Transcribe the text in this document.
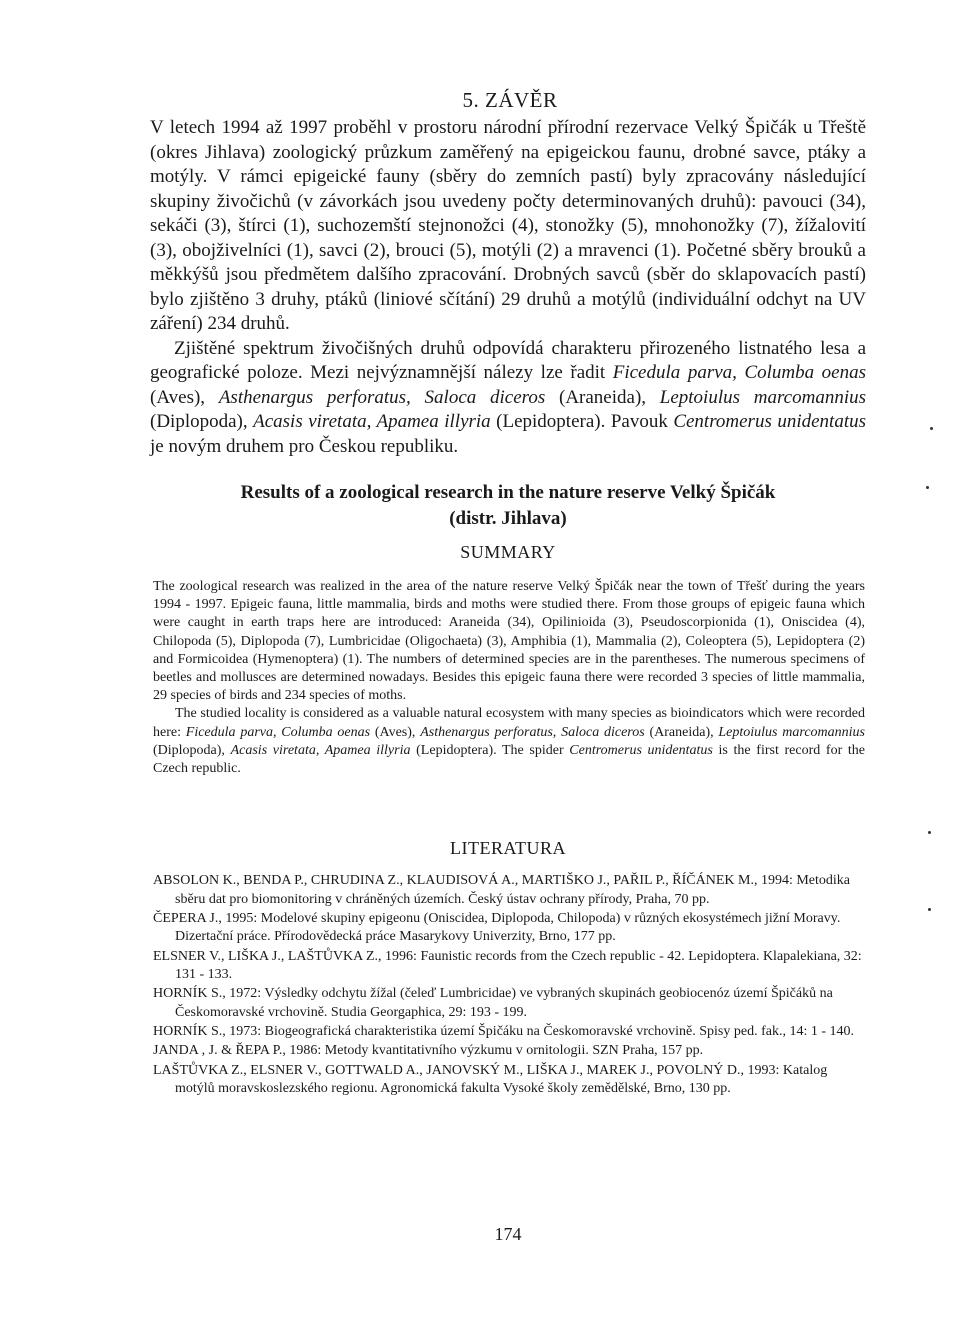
5. ZÁVĚR

V letech 1994 až 1997 proběhl v prostoru národní přírodní rezervace Velký Špičák u Třeště (okres Jihlava) zoologický průzkum zaměřený na epigeickou faunu, drobné savce, ptáky a motýly. V rámci epigeické fauny (sběry do zemních pastí) byly zpracovány následující skupiny živočichů (v závorkách jsou uvedeny počty determinovaných druhů): pavouci (34), sekáči (3), štírci (1), suchozemští stejnonožci (4), stonožky (5), mnohonožky (7), žížalovití (3), obojživelníci (1), savci (2), brouci (5), motýli (2) a mravenci (1). Početné sběry brouků a měkkýšů jsou předmětem dalšího zpracování. Drobných savců (sběr do sklapovacích pastí) bylo zjištěno 3 druhy, ptáků (liniové sčítání) 29 druhů a motýlů (individuální odchyt na UV záření) 234 druhů.

Zjištěné spektrum živočišných druhů odpovídá charakteru přirozeného listnatého lesa a geografické poloze. Mezi nejvýznamnější nálezy lze řadit Ficedula parva, Columba oenas (Aves), Asthenargus perforatus, Saloca diceros (Araneida), Leptoiulus marcomannius (Diplopoda), Acasis viretata, Apamea illyria (Lepidoptera). Pavouk Centromerus unidentatus je novým druhem pro Českou republiku.

Results of a zoological research in the nature reserve Velký Špičák
(distr. Jihlava)
SUMMARY

The zoological research was realized in the area of the nature reserve Velký Špičák near the town of Třešť during the years 1994 - 1997. Epigeic fauna, little mammalia, birds and moths were studied there. From those groups of epigeic fauna which were caught in earth traps here are introduced: Araneida (34), Opilinioida (3), Pseudoscorpionida (1), Oniscidea (4), Chilopoda (5), Diplopoda (7), Lumbricidae (Oligochaeta) (3), Amphibia (1), Mammalia (2), Coleoptera (5), Lepidoptera (2) and Formicoidea (Hymenoptera) (1). The numbers of determined species are in the parentheses. The numerous specimens of beetles and mollusces are determined nowadays. Besides this epigeic fauna there were recorded 3 species of little mammalia, 29 species of birds and 234 species of moths.

The studied locality is considered as a valuable natural ecosystem with many species as bioindicators which were recorded here: Ficedula parva, Columba oenas (Aves), Asthenargus perforatus, Saloca diceros (Araneida), Leptoiulus marcomannius (Diplopoda), Acasis viretata, Apamea illyria (Lepidoptera). The spider Centromerus unidentatus is the first record for the Czech republic.

LITERATURA

ABSOLON K., BENDA P., CHRUDINA Z., KLAUDISOVÁ A., MARTIŠKO J., PAŘIL P., ŘÍČÁNEK M., 1994: Metodika sběru dat pro biomonitoring v chráněných územích. Český ústav ochrany přírody, Praha, 70 pp.

ČEPERA J., 1995: Modelové skupiny epigeonu (Oniscidea, Diplopoda, Chilopoda) v různých ekosystémech jižní Moravy. Dizertační práce. Přírodovědecká práce Masarykovy Univerzity, Brno, 177 pp.

ELSNER V., LIŠKA J., LAŠTŮVKA Z., 1996: Faunistic records from the Czech republic - 42. Lepidoptera. Klapalekiana, 32: 131 - 133.

HORNÍK S., 1972: Výsledky odchytu žížal (čeleď Lumbricidae) ve vybraných skupinách geobiocenóz území Špičáků na Českomoravské vrchovině. Studia Georgaphica, 29: 193 - 199.

HORNÍK S., 1973: Biogeografická charakteristika území Špičáku na Českomoravské vrchovině. Spisy ped. fak., 14: 1 - 140.

JANDA , J. & ŘEPA P., 1986: Metody kvantitativního výzkumu v ornitologii. SZN Praha, 157 pp.

LAŠTŮVKA Z., ELSNER V., GOTTWALD A., JANOVSKÝ M., LIŠKA J., MAREK J., POVOLNÝ D., 1993: Katalog motýlů moravskoslezského regionu. Agronomická fakulta Vysoké školy zemědělské, Brno, 130 pp.

174
